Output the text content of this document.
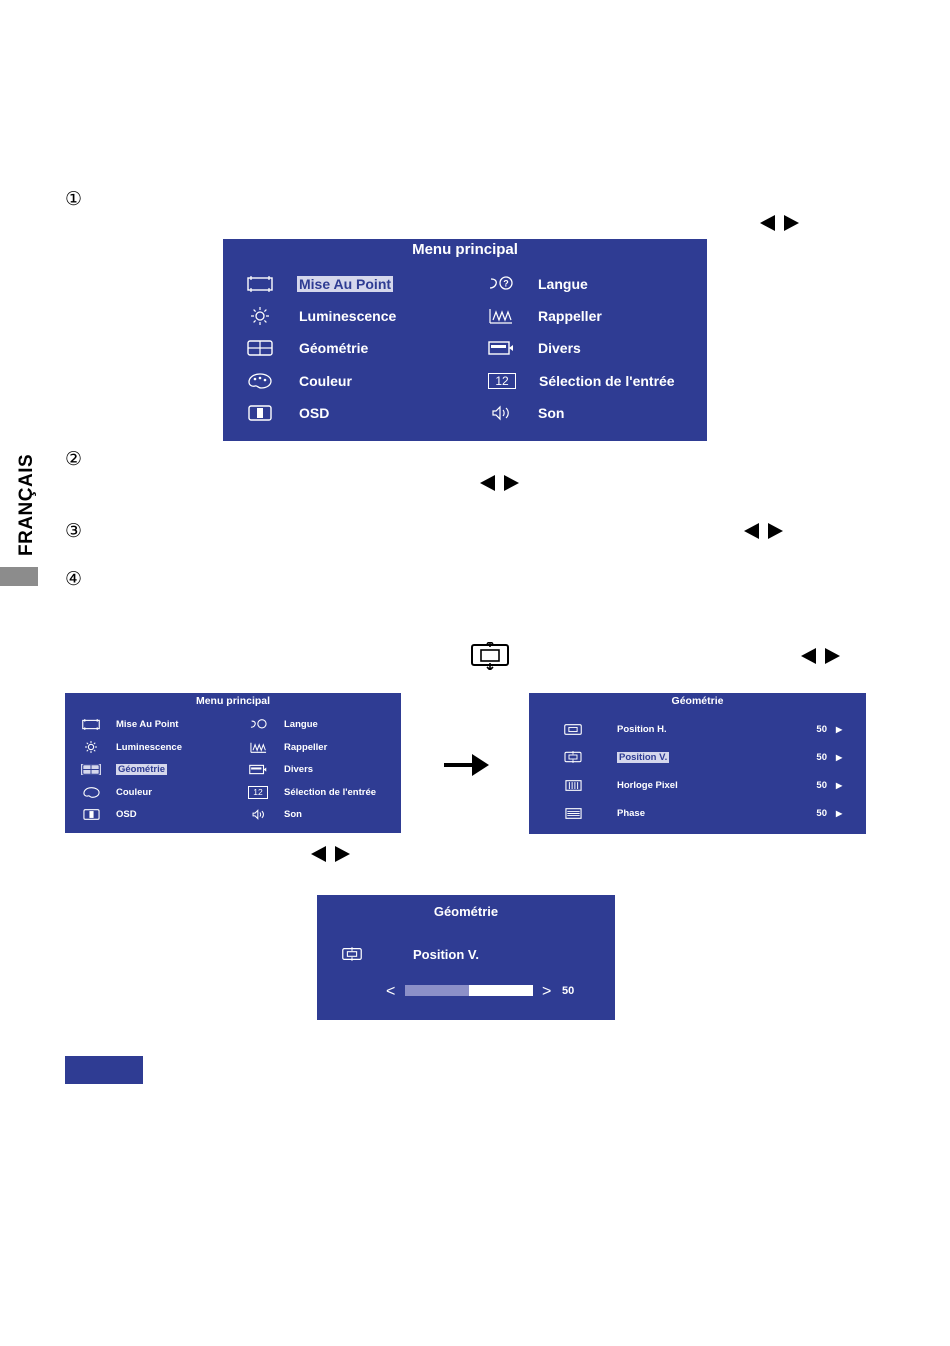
FRANÇAIS
①
Menu principal
Mise Au Point
Luminescence
Géométrie
Couleur
OSD
? Langue
Rappeller
Divers
12	Sélection de l'entrée
Son
②
③
④
Menu principal
Mise Au Point
Luminescence
Géométrie
Couleur
OSD
Langue
Rappeller
Divers
12	Sélection de l'entrée
Son
Géométrie
Position H.	50 ▶
Position V.	50 ▶
Horloge Pixel	50 ▶
Phase	50 ▶
Géométrie
Position V.
<	> 50
